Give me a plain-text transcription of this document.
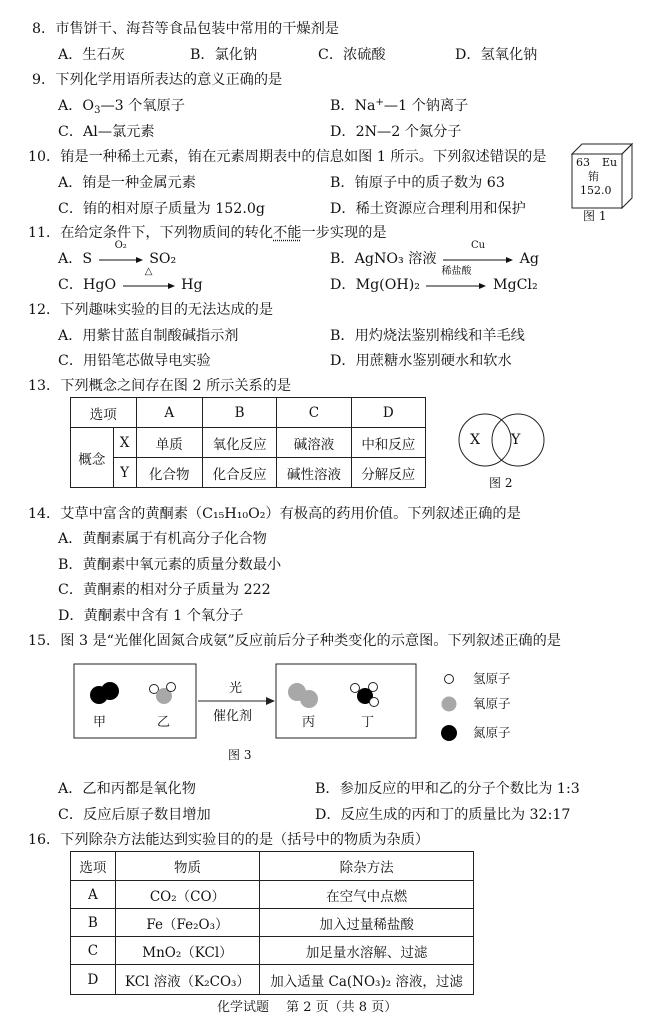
8．市售饼干、海苔等食品包装中常用的干燥剂是
A．生石灰	B．氯化钠	C．浓硫酸	D．氢氧化钠
9．下列化学用语所表达的意义正确的是
A．$O_3—3$ 个氧原子	B．Na+—1 个钠离子
C．Al—氯元素	D．2N—2 个氮分子
10．铕是一种稀土元素，铕在元素周期表中的信息如图 1 所示。下列叙述错误的是
A．铕是一种金属元素	B．铕原子中的质子数为 63
C．铕的相对原子质量为 152.0g	D．稀土资源应合理利用和保护
63 Eu
铕
152.0
图 1
11．在给定条件下，下列物质间的转化不能一步实现的是
A．S
O₂
SO₂	B．AgNO₃ 溶液
Cu
Ag
C．HgO
△
Hg	D．Mg(OH)₂
稀盐酸
MgCl₂
12．下列趣味实验的目的无法达成的是
A．用紫甘蓝自制酸碱指示剂	B．用灼烧法鉴别棉线和羊毛线
C．用铅笔芯做导电实验	D．用蔗糖水鉴别硬水和软水
13．下列概念之间存在图 2 所示关系的是
选项		A	B	C	D
概念	X	单质	氧化反应	碱溶液	中和反应
	Y	化合物	化合反应	碱性溶液	分解反应
X Y
图 2
14．艾草中富含的黄酮素（C₁₅H₁₀O₂）有极高的药用价值。下列叙述正确的是
A．黄酮素属于有机高分子化合物
B．黄酮素中氧元素的质量分数最小
C．黄酮素的相对分子质量为 222
D．黄酮素中含有 1 个氧分子
15．图 3 是“光催化固氮合成氨”反应前后分子种类变化的示意图。下列叙述正确的是
甲	乙
光
催化剂	丙	丁
图 3
氢原子
氧原子
氮原子
A．乙和丙都是氧化物	B．参加反应的甲和乙的分子个数比为 1:3
C．反应后原子数目增加	D．反应生成的丙和丁的质量比为 32:17
16．下列除杂方法能达到实验目的的是（括号中的物质为杂质）
选项	物质	除杂方法
A	CO₂（CO）	在空气中点燃
B	Fe（Fe₂O₃）	加入过量稀盐酸
C	MnO₂（KCl）	加足量水溶解、过滤
D	KCl 溶液（K₂CO₃）	加入适量 Ca(NO₃)₂ 溶液，过滤
化学试题　 第 2 页（共 8 页）
